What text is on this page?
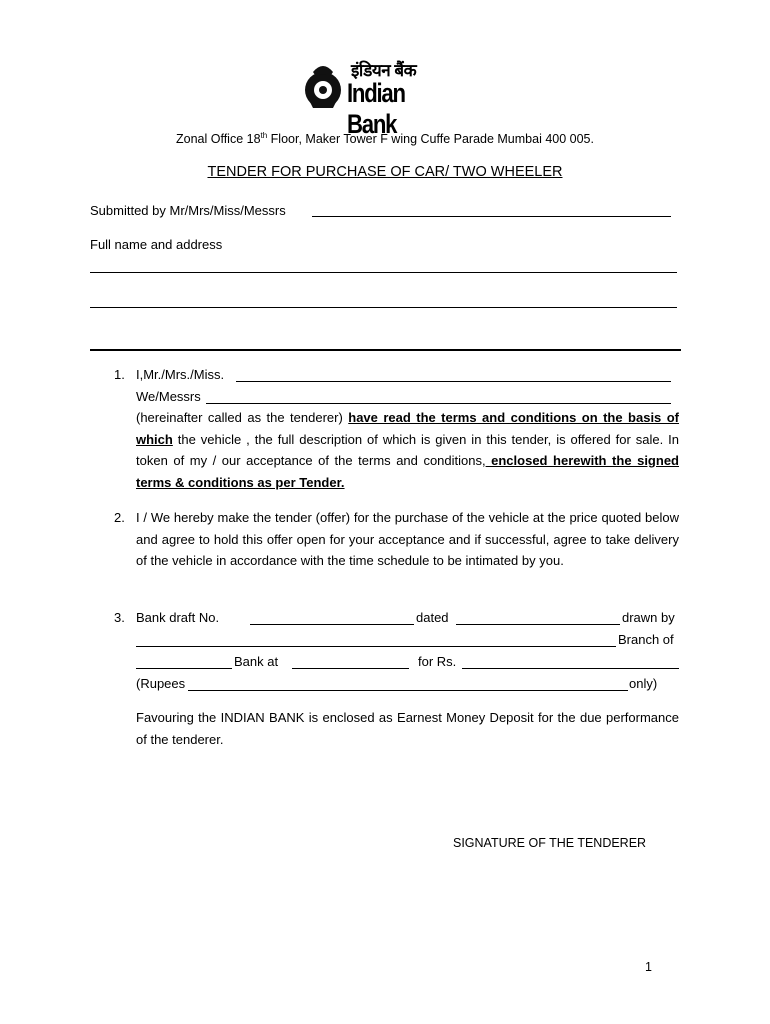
इंडियन बैंक
Indian Bank
Zonal Office 18th Floor, Maker Tower F wing Cuffe Parade Mumbai 400 005.
TENDER FOR PURCHASE OF CAR/ TWO WHEELER
Submitted by Mr/Mrs/Miss/Messrs
Full name and address
1. I,Mr./Mrs./Miss.
We/Messrs
(hereinafter called as the tenderer) have read the terms and conditions on the basis of which the vehicle , the full description of which is given in this tender, is offered for sale. In token of my / our acceptance of the terms and conditions, enclosed herewith the signed terms & conditions as per Tender.
2. I / We hereby make the tender (offer) for the purchase of the vehicle at the price quoted below and agree to hold this offer open for your acceptance and if successful, agree to take delivery of the vehicle in accordance with the time schedule to be intimated by you.
3. Bank draft No.	dated	drawn by
Branch of
Bank at	for Rs.
(Rupees	only)
Favouring the INDIAN BANK is enclosed as Earnest Money Deposit for the due performance of the tenderer.
SIGNATURE OF THE TENDERER
1
